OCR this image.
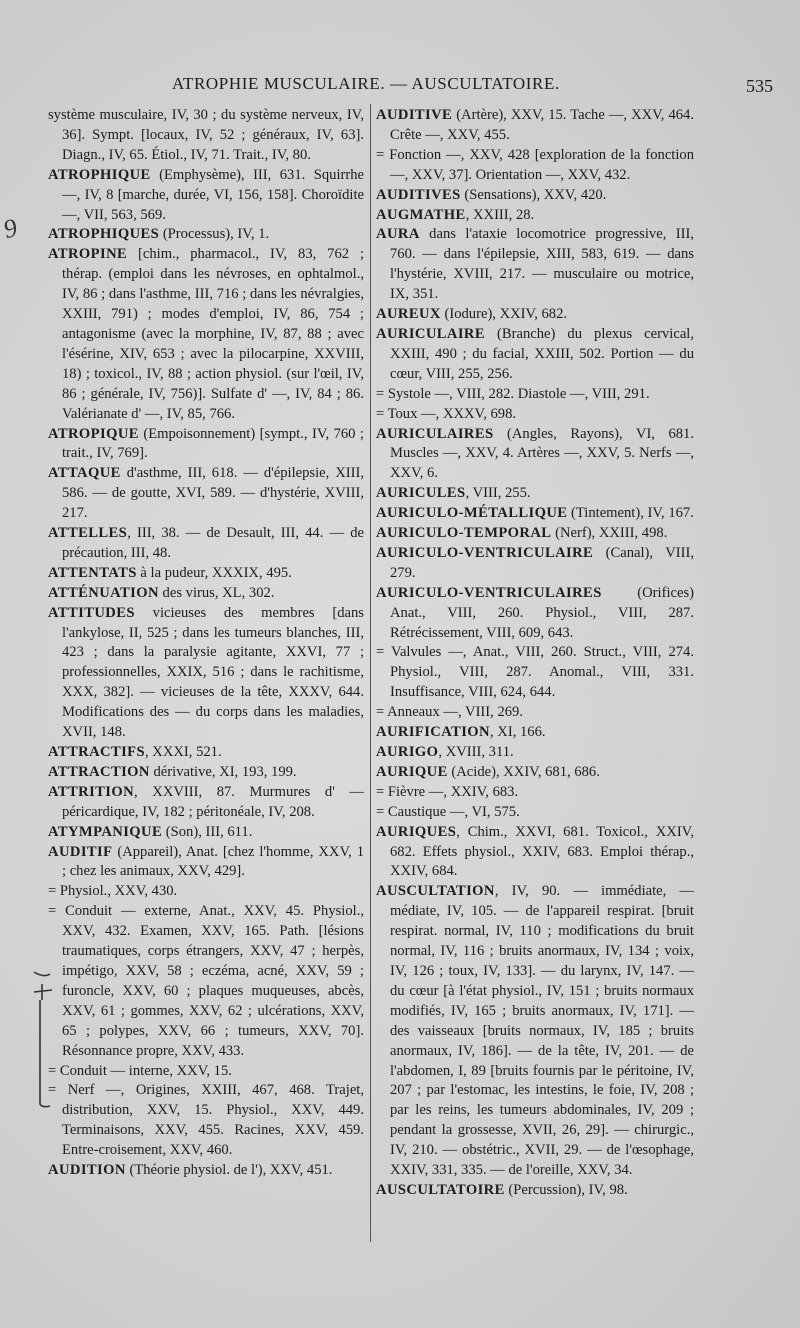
ATROPHIE MUSCULAIRE. — AUSCULTATOIRE.	535
9

système musculaire, IV, 30 ; du système nerveux, IV, 36]. Sympt. [locaux, IV, 52 ; généraux, IV, 63]. Diagn., IV, 65. Étiol., IV, 71. Trait., IV, 80.

ATROPHIQUE (Emphysème), III, 631. Squirrhe —, IV, 8 [marche, durée, VI, 156, 158]. Choroïdite —, VII, 563, 569.

ATROPHIQUES (Processus), IV, 1.

ATROPINE [chim., pharmacol., IV, 83, 762 ; thérap. (emploi dans les névroses, en ophtalmol., IV, 86 ; dans l'asthme, III, 716 ; dans les névralgies, XXIII, 791) ; modes d'emploi, IV, 86, 754 ; antagonisme (avec la morphine, IV, 87, 88 ; avec l'ésérine, XIV, 653 ; avec la pilocarpine, XXVIII, 18) ; toxicol., IV, 88 ; action physiol. (sur l'œil, IV, 86 ; générale, IV, 756)]. Sulfate d' —, IV, 84 ; 86. Valérianate d' —, IV, 85, 766.

ATROPIQUE (Empoisonnement) [sympt., IV, 760 ; trait., IV, 769].

ATTAQUE d'asthme, III, 618. — d'épilepsie, XIII, 586. — de goutte, XVI, 589. — d'hystérie, XVIII, 217.

ATTELLES, III, 38. — de Desault, III, 44. — de précaution, III, 48.

ATTENTATS à la pudeur, XXXIX, 495.

ATTÉNUATION des virus, XL, 302.

ATTITUDES vicieuses des membres [dans l'ankylose, II, 525 ; dans les tumeurs blanches, III, 423 ; dans la paralysie agitante, XXVI, 77 ; professionnelles, XXIX, 516 ; dans le rachitisme, XXX, 382]. — vicieuses de la tête, XXXV, 644. Modifications des — du corps dans les maladies, XVII, 148.

ATTRACTIFS, XXXI, 521.

ATTRACTION dérivative, XI, 193, 199.

ATTRITION, XXVIII, 87. Murmures d' — péricardique, IV, 182 ; péritonéale, IV, 208.

ATYMPANIQUE (Son), III, 611.

AUDITIF (Appareil), Anat. [chez l'homme, XXV, 1 ; chez les animaux, XXV, 429].

= Physiol., XXV, 430.

= Conduit — externe, Anat., XXV, 45. Physiol., XXV, 432. Examen, XXV, 165. Path. [lésions traumatiques, corps étrangers, XXV, 47 ; herpès, impétigo, XXV, 58 ; eczéma, acné, XXV, 59 ; furoncle, XXV, 60 ; plaques muqueuses, abcès, XXV, 61 ; gommes, XXV, 62 ; ulcérations, XXV, 65 ; polypes, XXV, 66 ; tumeurs, XXV, 70]. Résonnance propre, XXV, 433.

= Conduit — interne, XXV, 15.

= Nerf —, Origines, XXIII, 467, 468. Trajet, distribution, XXV, 15. Physiol., XXV, 449. Terminaisons, XXV, 455. Racines, XXV, 459. Entre-croisement, XXV, 460.

AUDITION (Théorie physiol. de l'), XXV, 451.

AUDITIVE (Artère), XXV, 15. Tache —, XXV, 464. Crête —, XXV, 455.

= Fonction —, XXV, 428 [exploration de la fonction —, XXV, 37]. Orientation —, XXV, 432.

AUDITIVES (Sensations), XXV, 420.

AUGMATHE, XXIII, 28.

AURA dans l'ataxie locomotrice progressive, III, 760. — dans l'épilepsie, XIII, 583, 619. — dans l'hystérie, XVIII, 217. — musculaire ou motrice, IX, 351.

AUREUX (Iodure), XXIV, 682.

AURICULAIRE (Branche) du plexus cervical, XXIII, 490 ; du facial, XXIII, 502. Portion — du cœur, VIII, 255, 256.

= Systole —, VIII, 282. Diastole —, VIII, 291.

= Toux —, XXXV, 698.

AURICULAIRES (Angles, Rayons), VI, 681. Muscles —, XXV, 4. Artères —, XXV, 5. Nerfs —, XXV, 6.

AURICULES, VIII, 255.

AURICULO-MÉTALLIQUE (Tintement), IV, 167.

AURICULO-TEMPORAL (Nerf), XXIII, 498.

AURICULO-VENTRICULAIRE (Canal), VIII, 279.

AURICULO-VENTRICULAIRES (Orifices) Anat., VIII, 260. Physiol., VIII, 287. Rétrécissement, VIII, 609, 643.

= Valvules —, Anat., VIII, 260. Struct., VIII, 274. Physiol., VIII, 287. Anomal., VIII, 331. Insuffisance, VIII, 624, 644.

= Anneaux —, VIII, 269.

AURIFICATION, XI, 166.

AURIGO, XVIII, 311.

AURIQUE (Acide), XXIV, 681, 686.

= Fièvre —, XXIV, 683.

= Caustique —, VI, 575.

AURIQUES, Chim., XXVI, 681. Toxicol., XXIV, 682. Effets physiol., XXIV, 683. Emploi thérap., XXIV, 684.

AUSCULTATION, IV, 90. — immédiate, — médiate, IV, 105. — de l'appareil respirat. [bruit respirat. normal, IV, 110 ; modifications du bruit normal, IV, 116 ; bruits anormaux, IV, 134 ; voix, IV, 126 ; toux, IV, 133]. — du larynx, IV, 147. — du cœur [à l'état physiol., IV, 151 ; bruits normaux modifiés, IV, 165 ; bruits anormaux, IV, 171]. — des vaisseaux [bruits normaux, IV, 185 ; bruits anormaux, IV, 186]. — de la tête, IV, 201. — de l'abdomen, I, 89 [bruits fournis par le péritoine, IV, 207 ; par l'estomac, les intestins, le foie, IV, 208 ; par les reins, les tumeurs abdominales, IV, 209 ; pendant la grossesse, XVII, 26, 29]. — chirurgic., IV, 210. — obstétric., XVII, 29. — de l'œsophage, XXIV, 331, 335. — de l'oreille, XXV, 34.

AUSCULTATOIRE (Percussion), IV, 98.
